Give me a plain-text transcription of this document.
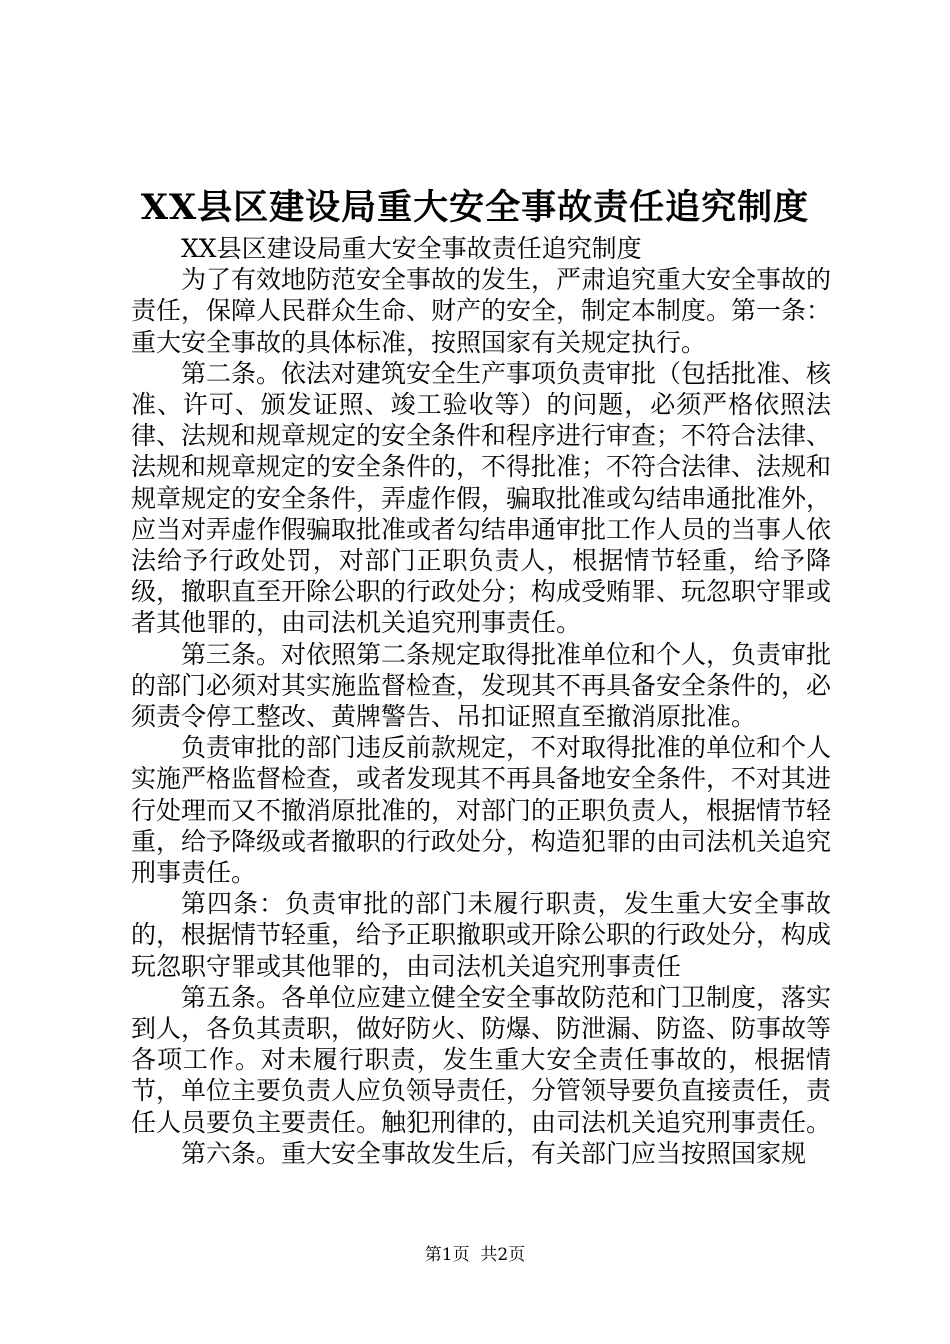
XX县区建设局重大安全事故责任追究制度

XX县区建设局重大安全事故责任追究制度

为了有效地防范安全事故的发生，严肃追究重大安全事故的责任，保障人民群众生命、财产的安全，制定本制度。第一条：重大安全事故的具体标准，按照国家有关规定执行。

第二条。依法对建筑安全生产事项负责审批（包括批准、核准、许可、颁发证照、竣工验收等）的问题，必须严格依照法律、法规和规章规定的安全条件和程序进行审查；不符合法律、法规和规章规定的安全条件的，不得批准；不符合法律、法规和规章规定的安全条件，弄虚作假，骗取批准或勾结串通批准外，应当对弄虚作假骗取批准或者勾结串通审批工作人员的当事人依法给予行政处罚，对部门正职负责人，根据情节轻重，给予降级，撤职直至开除公职的行政处分；构成受贿罪、玩忽职守罪或者其他罪的，由司法机关追究刑事责任。

第三条。对依照第二条规定取得批准单位和个人，负责审批的部门必须对其实施监督检查，发现其不再具备安全条件的，必须责令停工整改、黄牌警告、吊扣证照直至撤消原批准。

负责审批的部门违反前款规定，不对取得批准的单位和个人实施严格监督检查，或者发现其不再具备地安全条件，不对其进行处理而又不撤消原批准的，对部门的正职负责人，根据情节轻重，给予降级或者撤职的行政处分，构造犯罪的由司法机关追究刑事责任。

第四条：负责审批的部门未履行职责，发生重大安全事故的，根据情节轻重，给予正职撤职或开除公职的行政处分，构成玩忽职守罪或其他罪的，由司法机关追究刑事责任

第五条。各单位应建立健全安全事故防范和门卫制度，落实到人，各负其责职，做好防火、防爆、防泄漏、防盗、防事故等各项工作。对未履行职责，发生重大安全责任事故的，根据情节，单位主要负责人应负领导责任，分管领导要负直接责任，责任人员要负主要责任。触犯刑律的，由司法机关追究刑事责任。

第六条。重大安全事故发生后，有关部门应当按照国家规

第1页 共2页
